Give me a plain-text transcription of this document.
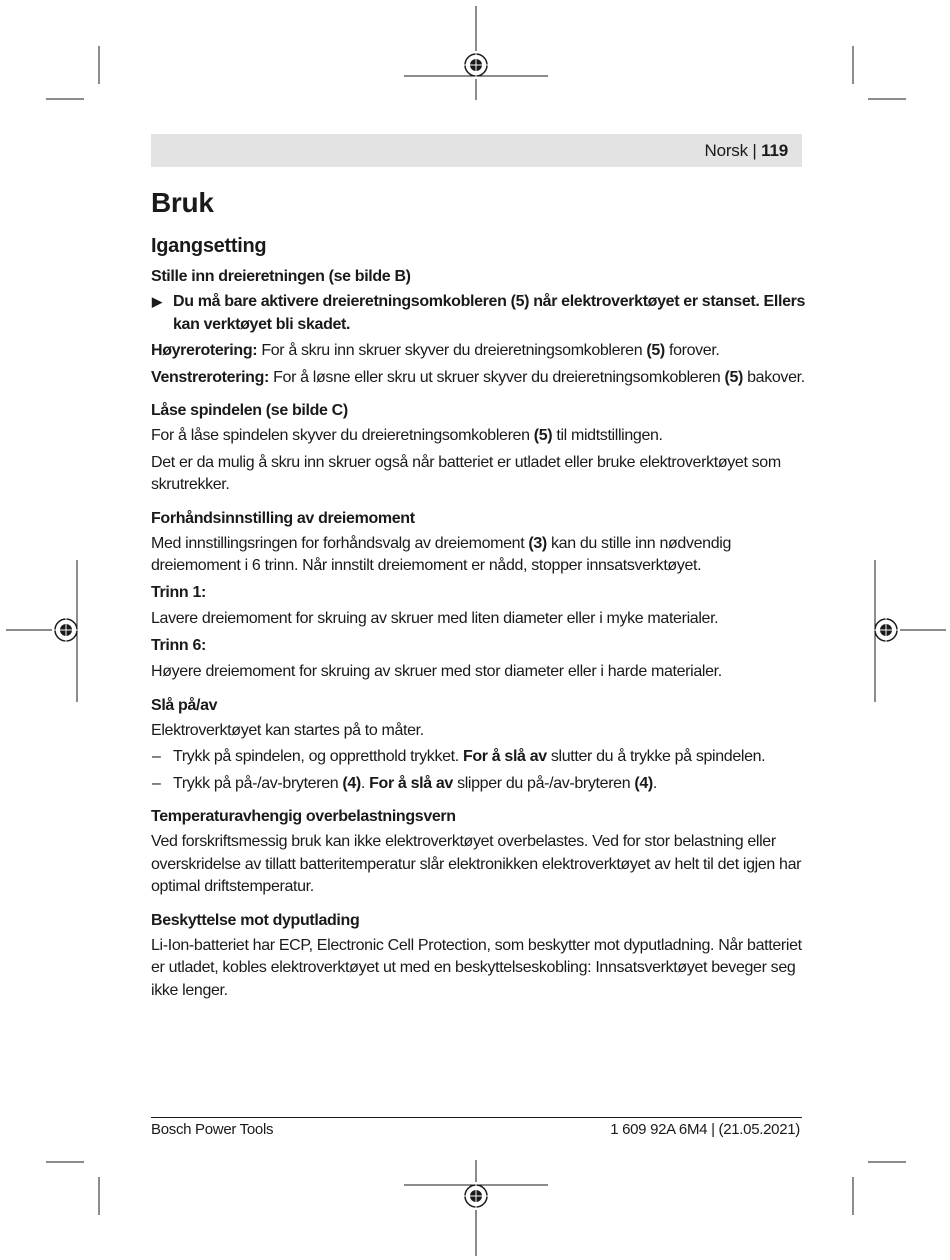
Norsk | 119
Bruk
Igangsetting
Stille inn dreieretningen (se bilde B)

▶ Du må bare aktivere dreieretningsomkobleren (5) når elektroverktøyet er stanset. Ellers kan verktøyet bli skadet.

Høyrerotering: For å skru inn skruer skyver du dreieretningsomkobleren (5) forover.

Venstrerotering: For å løsne eller skru ut skruer skyver du dreieretningsomkobleren (5) bakover.

Låse spindelen (se bilde C)

For å låse spindelen skyver du dreieretningsomkobleren (5) til midtstillingen.

Det er da mulig å skru inn skruer også når batteriet er utladet eller bruke elektroverktøyet som skrutrekker.

Forhåndsinnstilling av dreiemoment

Med innstillingsringen for forhåndsvalg av dreiemoment (3) kan du stille inn nødvendig dreiemoment i 6 trinn. Når innstilt dreiemoment er nådd, stopper innsatsverktøyet.

Trinn 1:

Lavere dreiemoment for skruing av skruer med liten diameter eller i myke materialer.

Trinn 6:

Høyere dreiemoment for skruing av skruer med stor diameter eller i harde materialer.

Slå på/av

Elektroverktøyet kan startes på to måter.

– Trykk på spindelen, og oppretthold trykket. For å slå av slutter du å trykke på spindelen.

– Trykk på på-/av-bryteren (4). For å slå av slipper du på-/av-bryteren (4).

Temperaturavhengig overbelastningsvern

Ved forskriftsmessig bruk kan ikke elektroverktøyet overbelastes. Ved for stor belastning eller overskridelse av tillatt batteritemperatur slår elektronikken elektroverktøyet av helt til det igjen har optimal driftstemperatur.

Beskyttelse mot dyputlading

Li-Ion-batteriet har ECP, Electronic Cell Protection, som beskytter mot dyputladning. Når batteriet er utladet, kobles elektroverktøyet ut med en beskyttelseskobling: Innsatsverktøyet beveger seg ikke lenger.

Bosch Power Tools	1 609 92A 6M4 | (21.05.2021)
